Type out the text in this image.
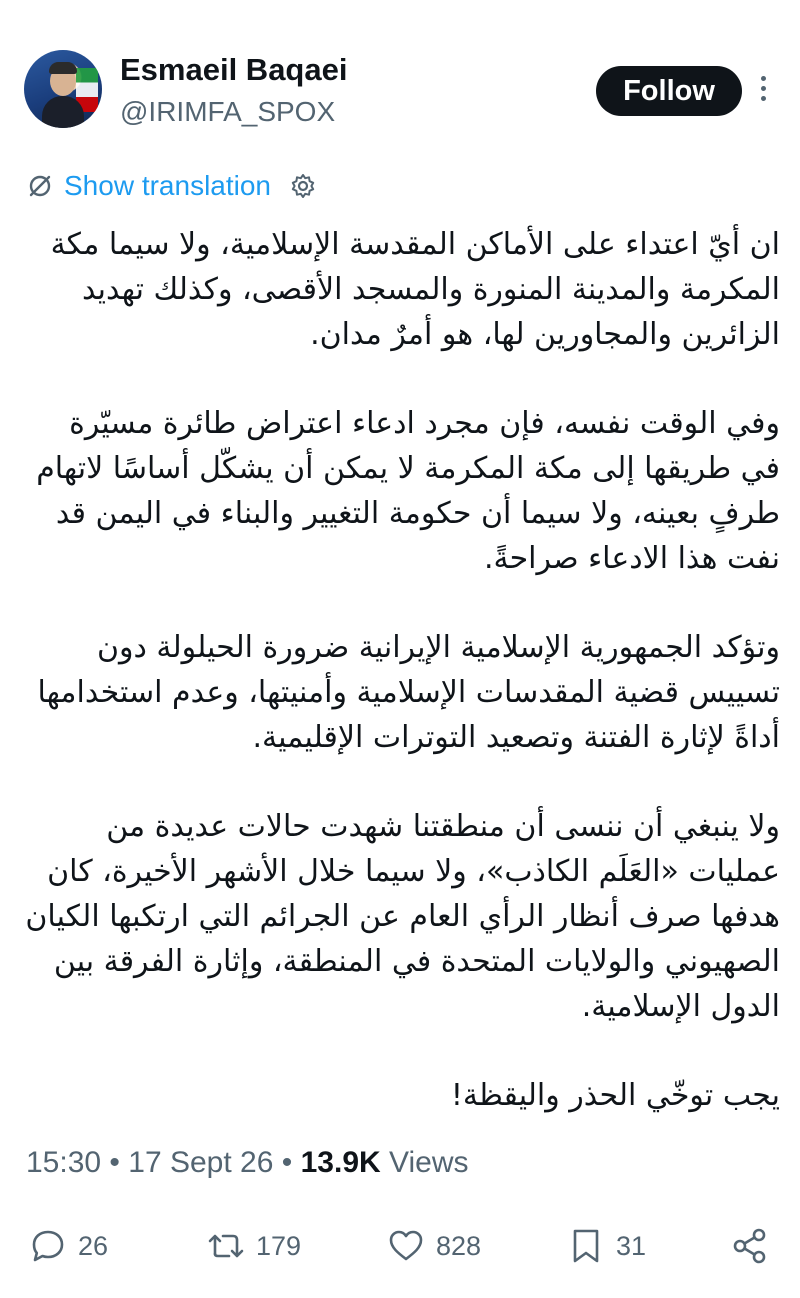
Esmaeil Baqaei
@IRIMFA_SPOX
Follow
Show translation

ان أيّ اعتداء على الأماكن المقدسة الإسلامية، ولا سيما مكة المكرمة والمدينة المنورة والمسجد الأقصى، وكذلك تهديد الزائرين والمجاورين لها، هو أمرٌ مدان.

وفي الوقت نفسه، فإن مجرد ادعاء اعتراض طائرة مسيّرة في طريقها إلى مكة المكرمة لا يمكن أن يشكّل أساسًا لاتهام طرفٍ بعينه، ولا سيما أن حكومة التغيير والبناء في اليمن قد نفت هذا الادعاء صراحةً.

وتؤكد الجمهورية الإسلامية الإيرانية ضرورة الحيلولة دون تسييس قضية المقدسات الإسلامية وأمنيتها، وعدم استخدامها أداةً لإثارة الفتنة وتصعيد التوترات الإقليمية.

ولا ينبغي أن ننسى أن منطقتنا شهدت حالات عديدة من عمليات «العَلَم الكاذب»، ولا سيما خلال الأشهر الأخيرة، كان هدفها صرف أنظار الرأي العام عن الجرائم التي ارتكبها الكيان الصهيوني والولايات المتحدة في المنطقة، وإثارة الفرقة بين الدول الإسلامية.

يجب توخّي الحذر واليقظة!

15:30 • 17 Sept 26 • 13.9K Views
26	179	828	31
